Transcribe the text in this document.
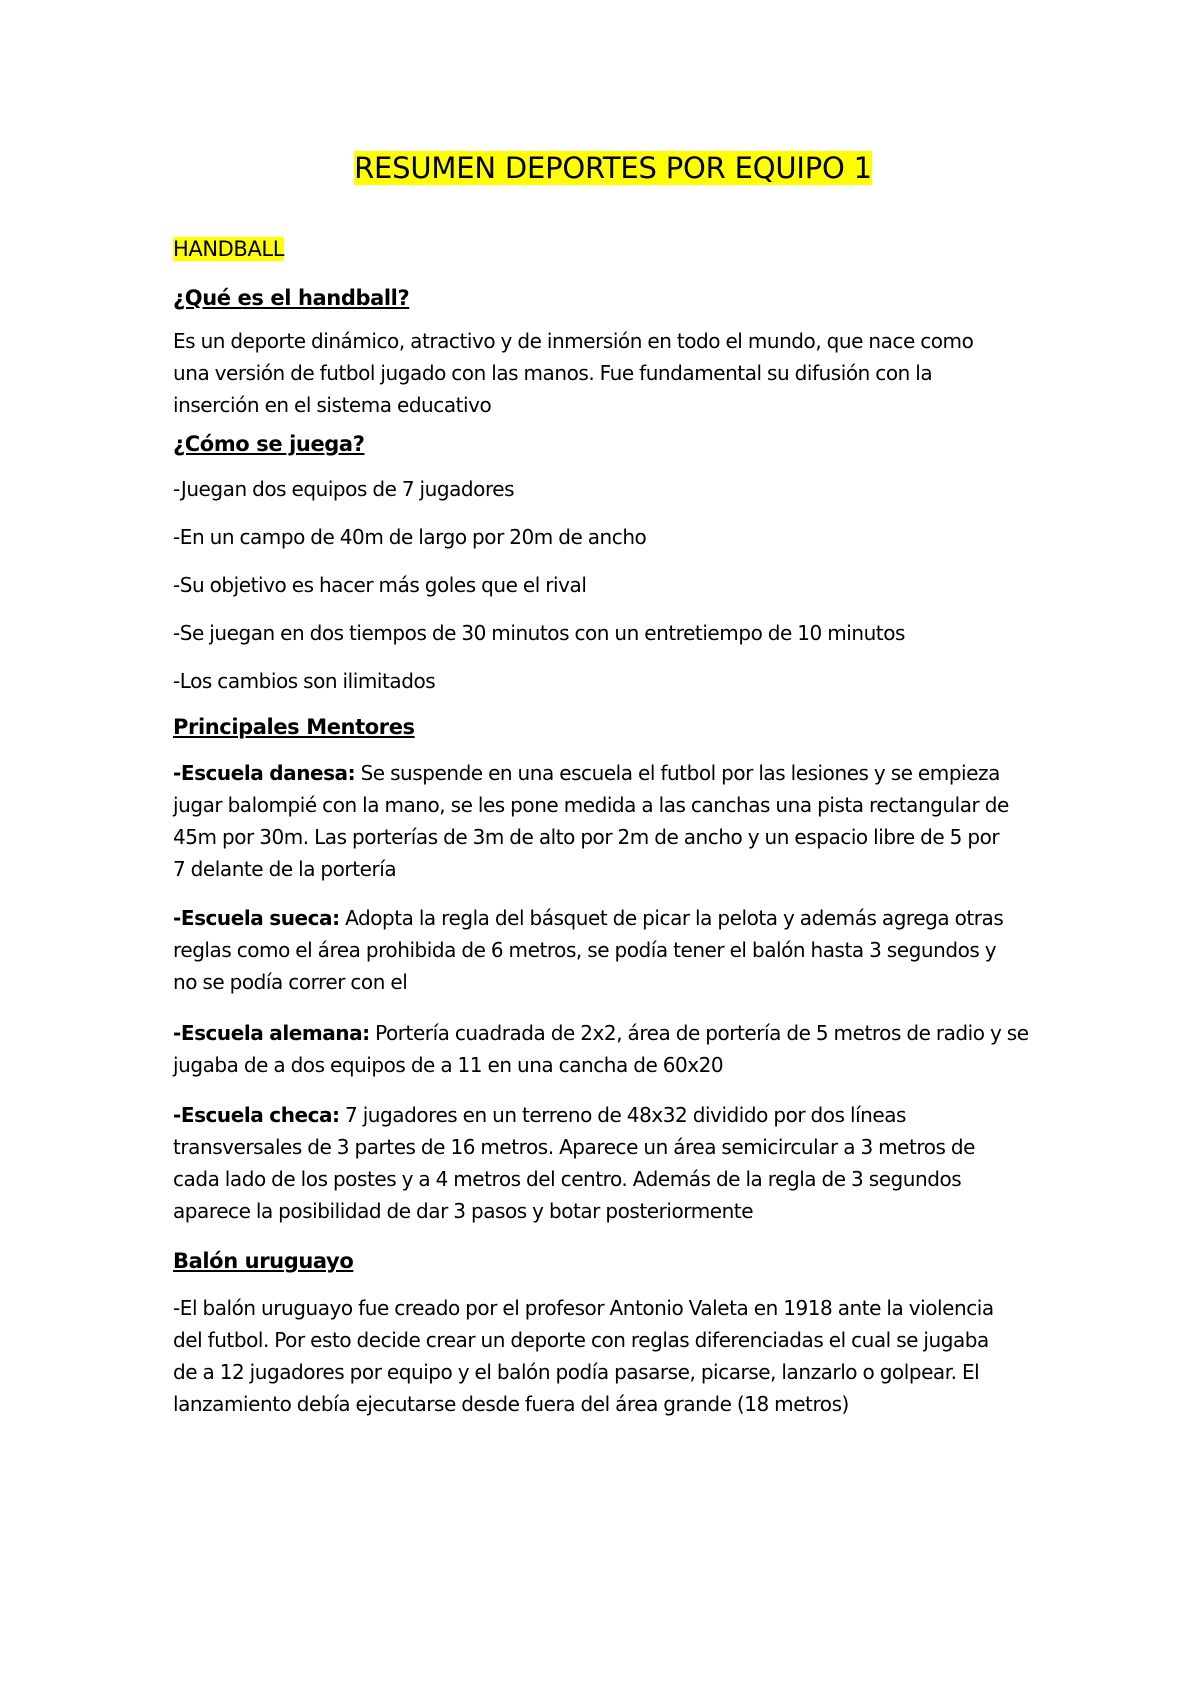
RESUMEN DEPORTES POR EQUIPO 1
HANDBALL
¿Qué es el handball?
Es un deporte dinámico, atractivo y de inmersión en todo el mundo, que nace como
una versión de futbol jugado con las manos. Fue fundamental su difusión con la
inserción en el sistema educativo
¿Cómo se juega?
-Juegan dos equipos de 7 jugadores
-En un campo de 40m de largo por 20m de ancho
-Su objetivo es hacer más goles que el rival
-Se juegan en dos tiempos de 30 minutos con un entretiempo de 10 minutos
-Los cambios son ilimitados
Principales Mentores
-Escuela danesa: Se suspende en una escuela el futbol por las lesiones y se empieza
jugar balompié con la mano, se les pone medida a las canchas una pista rectangular de
45m por 30m. Las porterías de 3m de alto por 2m de ancho y un espacio libre de 5 por
7 delante de la portería
-Escuela sueca: Adopta la regla del básquet de picar la pelota y además agrega otras
reglas como el área prohibida de 6 metros, se podía tener el balón hasta 3 segundos y
no se podía correr con el
-Escuela alemana: Portería cuadrada de 2x2, área de portería de 5 metros de radio y se
jugaba de a dos equipos de a 11 en una cancha de 60x20
-Escuela checa: 7 jugadores en un terreno de 48x32 dividido por dos líneas
transversales de 3 partes de 16 metros. Aparece un área semicircular a 3 metros de
cada lado de los postes y a 4 metros del centro. Además de la regla de 3 segundos
aparece la posibilidad de dar 3 pasos y botar posteriormente
Balón uruguayo
-El balón uruguayo fue creado por el profesor Antonio Valeta en 1918 ante la violencia
del futbol. Por esto decide crear un deporte con reglas diferenciadas el cual se jugaba
de a 12 jugadores por equipo y el balón podía pasarse, picarse, lanzarlo o golpear. El
lanzamiento debía ejecutarse desde fuera del área grande (18 metros)
